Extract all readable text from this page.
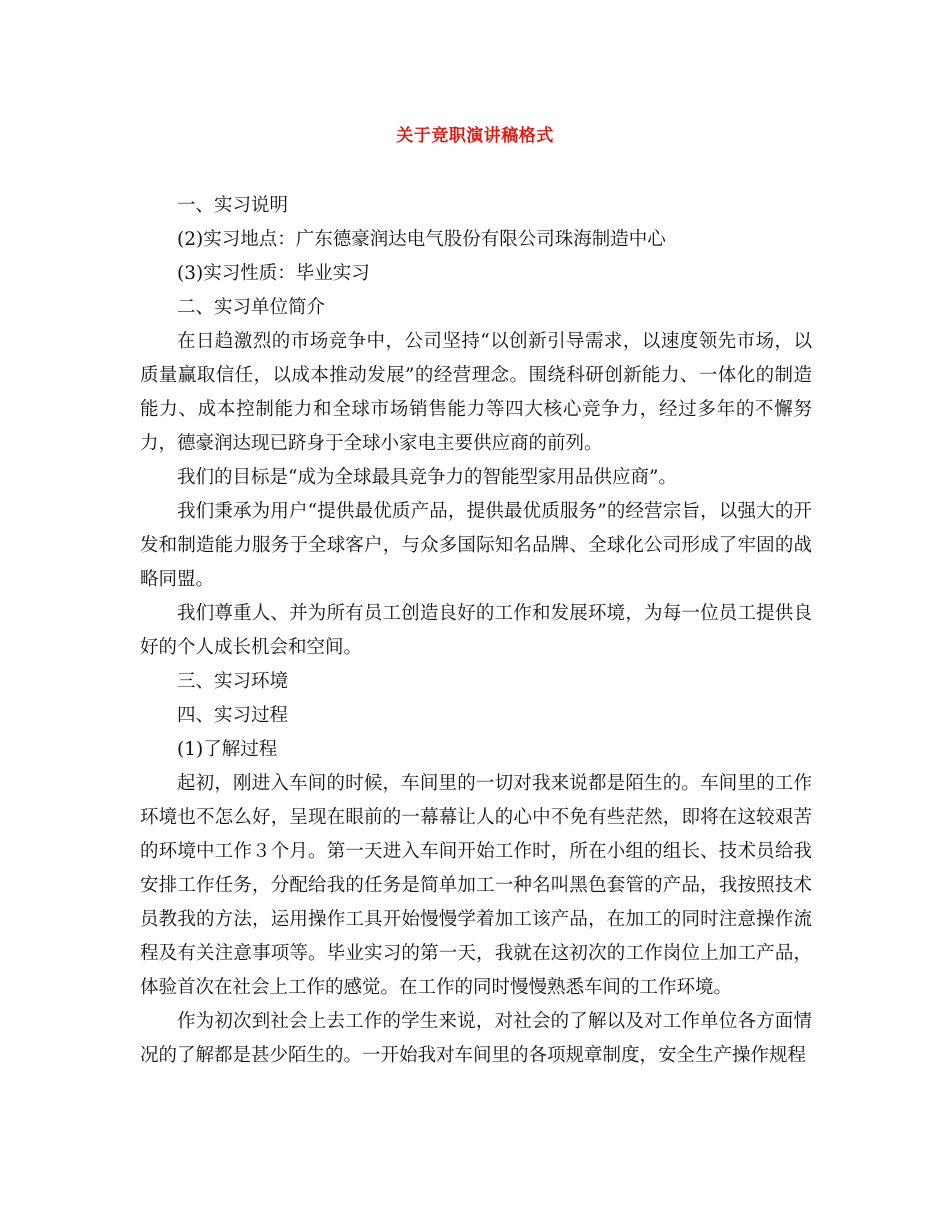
关于竞职演讲稿格式

一、实习说明

(2)实习地点：广东德豪润达电气股份有限公司珠海制造中心

(3)实习性质：毕业实习

二、实习单位简介

在日趋激烈的市场竞争中，公司坚持“以创新引导需求，以速度领先市场，以质量赢取信任，以成本推动发展”的经营理念。围绕科研创新能力、一体化的制造能力、成本控制能力和全球市场销售能力等四大核心竞争力，经过多年的不懈努力，德豪润达现已跻身于全球小家电主要供应商的前列。

我们的目标是“成为全球最具竞争力的智能型家用品供应商”。

我们秉承为用户“提供最优质产品，提供最优质服务”的经营宗旨，以强大的开发和制造能力服务于全球客户，与众多国际知名品牌、全球化公司形成了牢固的战略同盟。

我们尊重人、并为所有员工创造良好的工作和发展环境，为每一位员工提供良好的个人成长机会和空间。

三、实习环境

四、实习过程

(1)了解过程

起初，刚进入车间的时候，车间里的一切对我来说都是陌生的。车间里的工作环境也不怎么好，呈现在眼前的一幕幕让人的心中不免有些茫然，即将在这较艰苦的环境中工作３个月。第一天进入车间开始工作时，所在小组的组长、技术员给我安排工作任务，分配给我的任务是简单加工一种名叫黑色套管的产品，我按照技术员教我的方法，运用操作工具开始慢慢学着加工该产品，在加工的同时注意操作流程及有关注意事项等。毕业实习的第一天，我就在这初次的工作岗位上加工产品，体验首次在社会上工作的感觉。在工作的同时慢慢熟悉车间的工作环境。

作为初次到社会上去工作的学生来说，对社会的了解以及对工作单位各方面情况的了解都是甚少陌生的。一开始我对车间里的各项规章制度，安全生产操作规程
